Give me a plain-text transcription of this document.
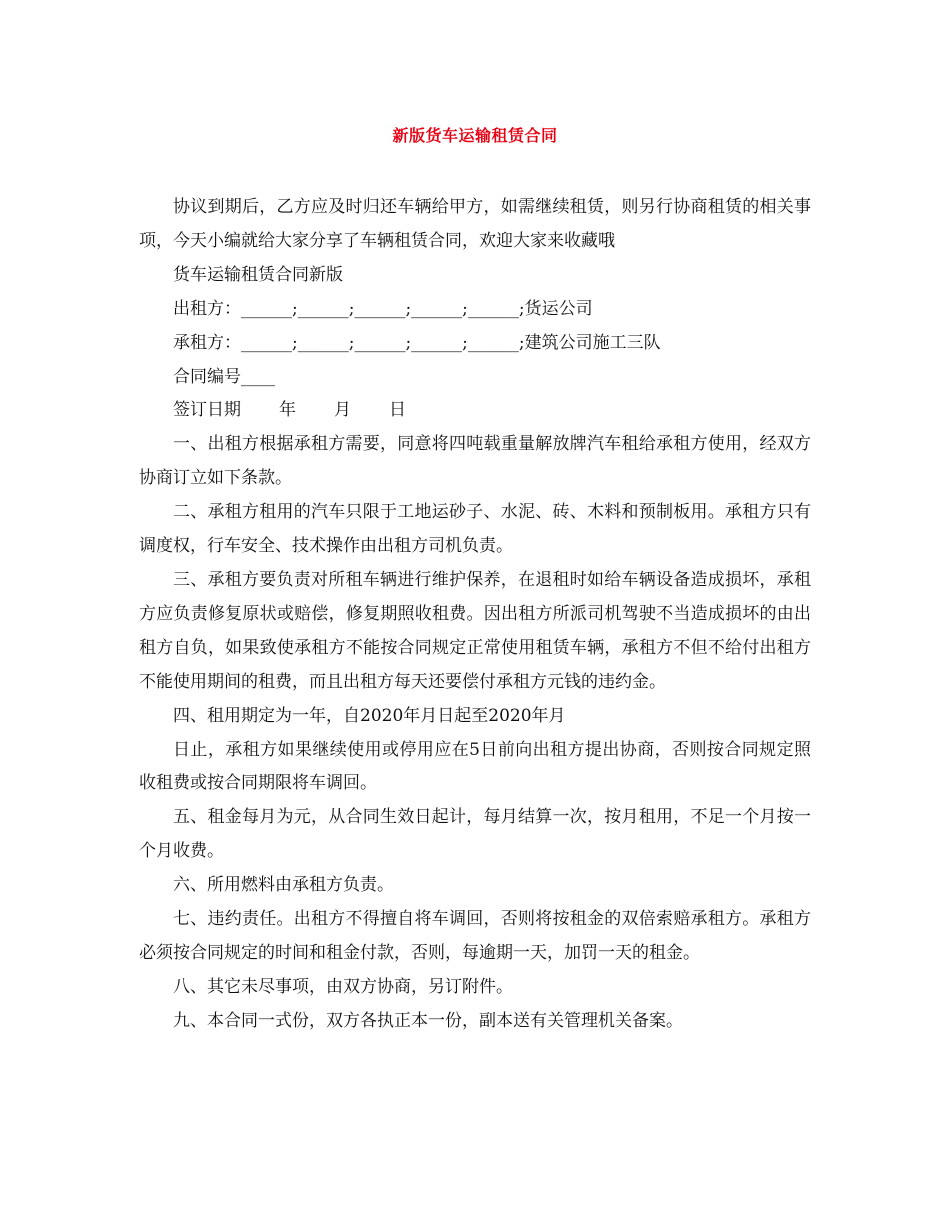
新版货车运输租赁合同

协议到期后，乙方应及时归还车辆给甲方，如需继续租赁，则另行协商租赁的相关事项，今天小编就给大家分享了车辆租赁合同，欢迎大家来收藏哦

货车运输租赁合同新版

出租方：______;______;______;______;______;货运公司

承租方：______;______;______;______;______;建筑公司施工三队

合同编号____

签订日期 年 月 日

一、出租方根据承租方需要，同意将四吨载重量解放牌汽车租给承租方使用，经双方协商订立如下条款。

二、承租方租用的汽车只限于工地运砂子、水泥、砖、木料和预制板用。承租方只有调度权，行车安全、技术操作由出租方司机负责。

三、承租方要负责对所租车辆进行维护保养，在退租时如给车辆设备造成损坏，承租方应负责修复原状或赔偿，修复期照收租费。因出租方所派司机驾驶不当造成损坏的由出租方自负，如果致使承租方不能按合同规定正常使用租赁车辆，承租方不但不给付出租方不能使用期间的租费，而且出租方每天还要偿付承租方元钱的违约金。

四、租用期定为一年，自2020年月日起至2020年月

日止，承租方如果继续使用或停用应在5日前向出租方提出协商，否则按合同规定照收租费或按合同期限将车调回。

五、租金每月为元，从合同生效日起计，每月结算一次，按月租用，不足一个月按一个月收费。

六、所用燃料由承租方负责。

七、违约责任。出租方不得擅自将车调回，否则将按租金的双倍索赔承租方。承租方必须按合同规定的时间和租金付款，否则，每逾期一天，加罚一天的租金。

八、其它未尽事项，由双方协商，另订附件。

九、本合同一式份，双方各执正本一份，副本送有关管理机关备案。
